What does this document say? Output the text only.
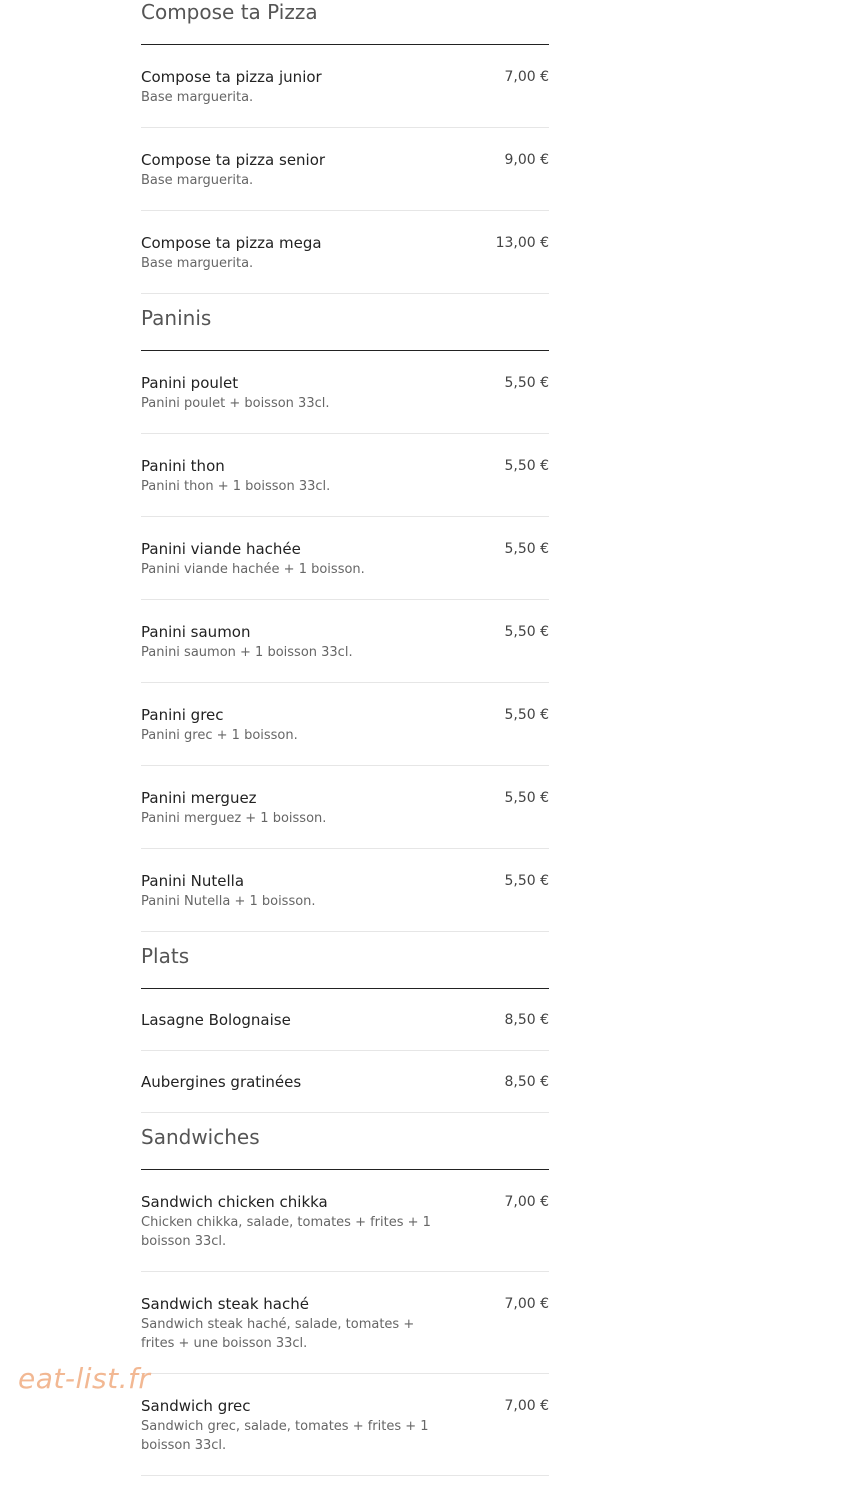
Compose ta Pizza
Compose ta pizza junior
Base marguerita.
7,00 €
Compose ta pizza senior
Base marguerita.
9,00 €
Compose ta pizza mega
Base marguerita.
13,00 €
Paninis
Panini poulet
Panini poulet + boisson 33cl.
5,50 €
Panini thon
Panini thon + 1 boisson 33cl.
5,50 €
Panini viande hachée
Panini viande hachée + 1 boisson.
5,50 €
Panini saumon
Panini saumon + 1 boisson 33cl.
5,50 €
Panini grec
Panini grec + 1 boisson.
5,50 €
Panini merguez
Panini merguez + 1 boisson.
5,50 €
Panini Nutella
Panini Nutella + 1 boisson.
5,50 €
Plats
Lasagne Bolognaise	8,50 €
Aubergines gratinées	8,50 €
Sandwiches
Sandwich chicken chikka
Chicken chikka, salade, tomates + frites + 1 boisson 33cl.
7,00 €
Sandwich steak haché
Sandwich steak haché, salade, tomates + frites + une boisson 33cl.
7,00 €
Sandwich grec
Sandwich grec, salade, tomates + frites + 1 boisson 33cl.
7,00 €
eat-list.fr
